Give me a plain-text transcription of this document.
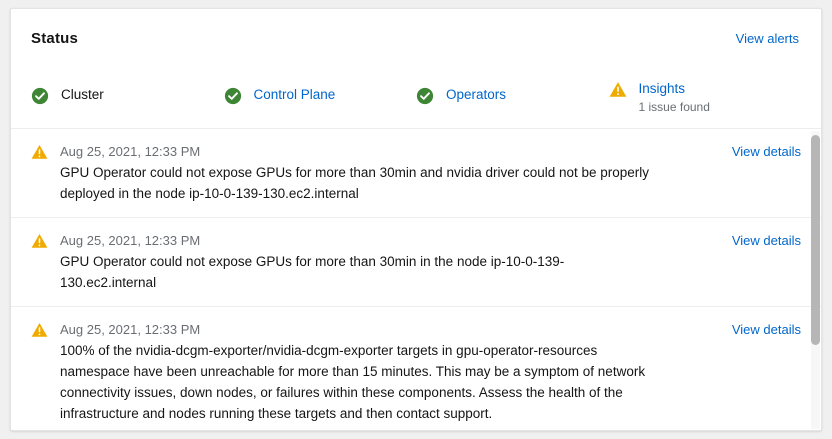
Status	View alerts
Cluster	Control Plane	Operators	Insights
1 issue found
Aug 25, 2021, 12:33 PM
GPU Operator could not expose GPUs for more than 30min and nvidia driver could not be properly deployed in the node ip-10-0-139-130.ec2.internal
View details
Aug 25, 2021, 12:33 PM
GPU Operator could not expose GPUs for more than 30min in the node ip-10-0-139-130.ec2.internal
View details
Aug 25, 2021, 12:33 PM
100% of the nvidia-dcgm-exporter/nvidia-dcgm-exporter targets in gpu-operator-resources namespace have been unreachable for more than 15 minutes. This may be a symptom of network connectivity issues, down nodes, or failures within these components. Assess the health of the infrastructure and nodes running these targets and then contact support.
View details
